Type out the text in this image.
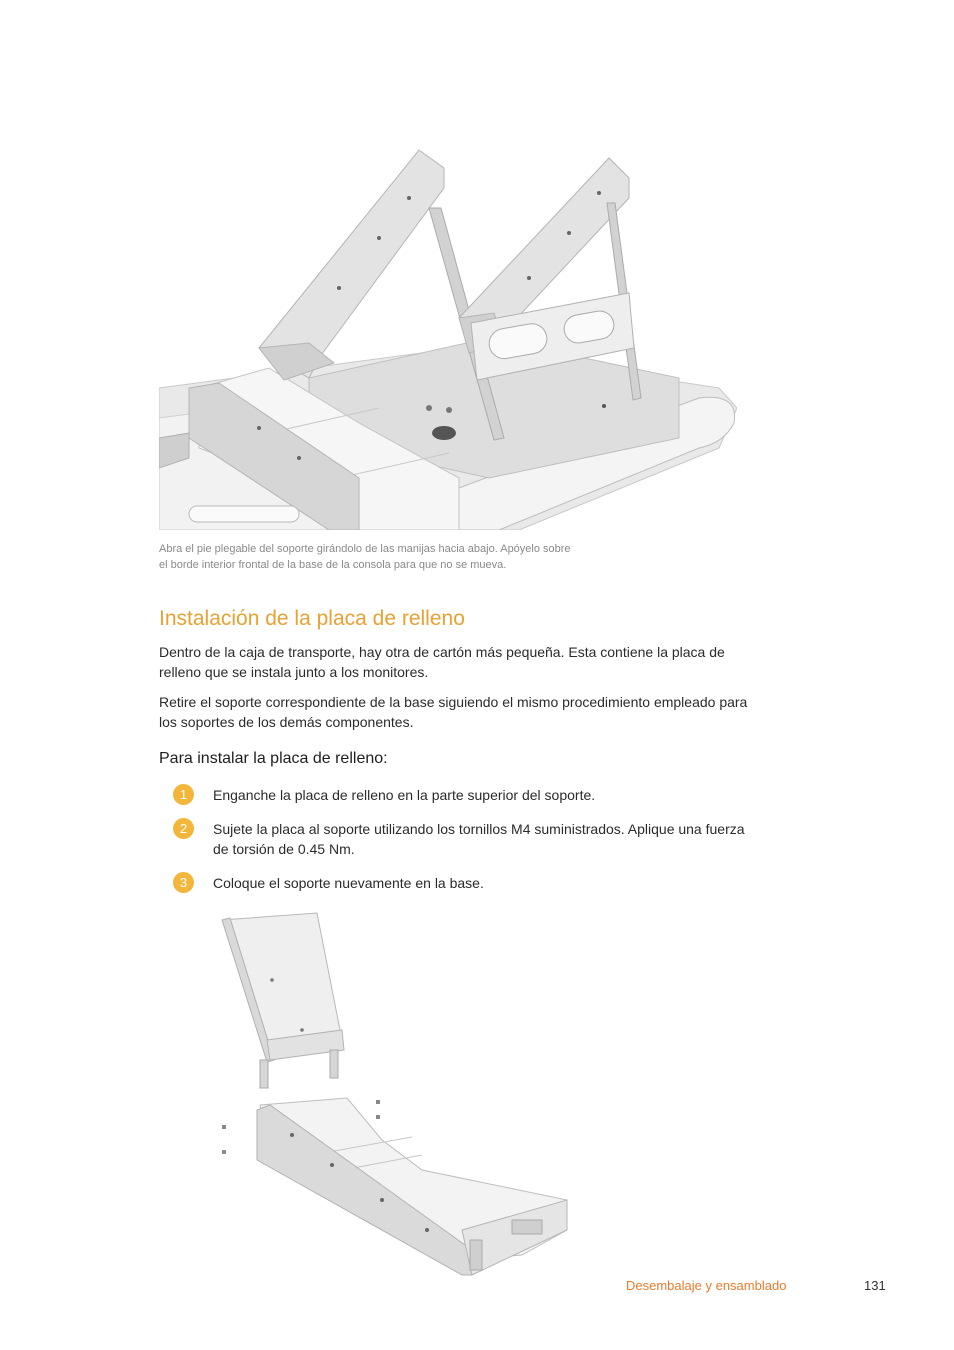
Abra el pie plegable del soporte girándolo de las manijas hacia abajo. Apóyelo sobre

el borde interior frontal de la base de la consola para que no se mueva.

Instalación de la placa de relleno
Dentro de la caja de transporte, hay otra de cartón más pequeña. Esta contiene la placa de
relleno que se instala junto a los monitores.
Retire el soporte correspondiente de la base siguiendo el mismo procedimiento empleado para
los soportes de los demás componentes.
Para instalar la placa de relleno:
1	Enganche la placa de relleno en la parte superior del soporte.

2	Sujete la placa al soporte utilizando los tornillos M4 suministrados. Aplique una fuerza
de torsión de 0.45 Nm.
3	Coloque el soporte nuevamente en la base.

Desembalaje y ensamblado	131
